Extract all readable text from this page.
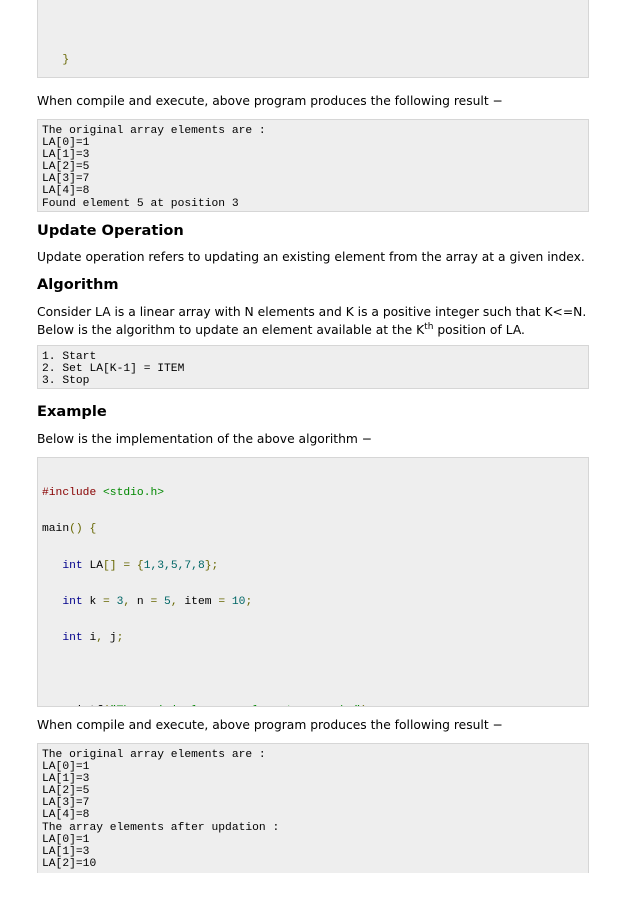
}

When compile and execute, above program produces the following result −

The original array elements are :
LA[0]=1
LA[1]=3
LA[2]=5
LA[3]=7
LA[4]=8
Found element 5 at position 3
Update Operation

Update operation refers to updating an existing element from the array at a given index.

Algorithm

Consider LA is a linear array with N elements and K is a positive integer such that K<=N. Below is the algorithm to update an element available at the $K^{th}$ position of LA.

1. Start
2. Set LA[K-1] = ITEM
3. Stop
Example

Below is the implementation of the above algorithm −

#include <stdio.h>

main() {

int LA[] = {1,3,5,7,8};

int k = 3, n = 5, item = 10;

int i, j;

When compile and execute, above program produces the following result −

The original array elements are :
LA[0]=1
LA[1]=3
LA[2]=5
LA[3]=7
LA[4]=8
The array elements after updation :
LA[0]=1
LA[1]=3
LA[2]=10
